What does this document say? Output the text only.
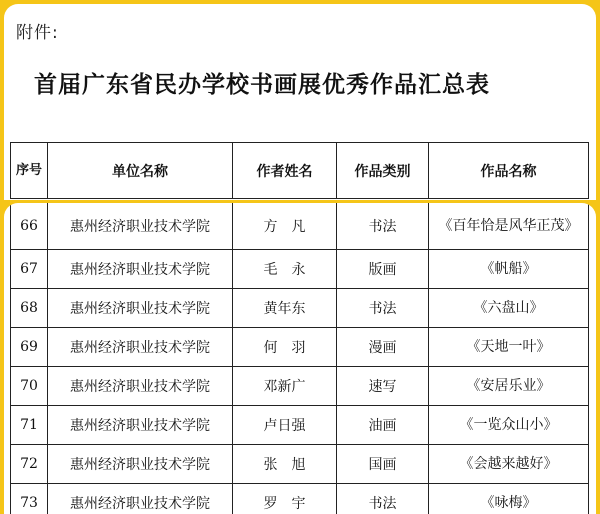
附件:
首届广东省民办学校书画展优秀作品汇总表
序号	单位名称	作者姓名	作品类别	作品名称
66	惠州经济职业技术学院	方　凡	书法	《百年恰是风华正茂》
67	惠州经济职业技术学院	毛　永	版画	《帆船》
68	惠州经济职业技术学院	黄年东	书法	《六盘山》
69	惠州经济职业技术学院	何　羽	漫画	《天地一叶》
70	惠州经济职业技术学院	邓新广	速写	《安居乐业》
71	惠州经济职业技术学院	卢日强	油画	《一览众山小》
72	惠州经济职业技术学院	张　旭	国画	《会越来越好》
73	惠州经济职业技术学院	罗　宇	书法	《咏梅》
